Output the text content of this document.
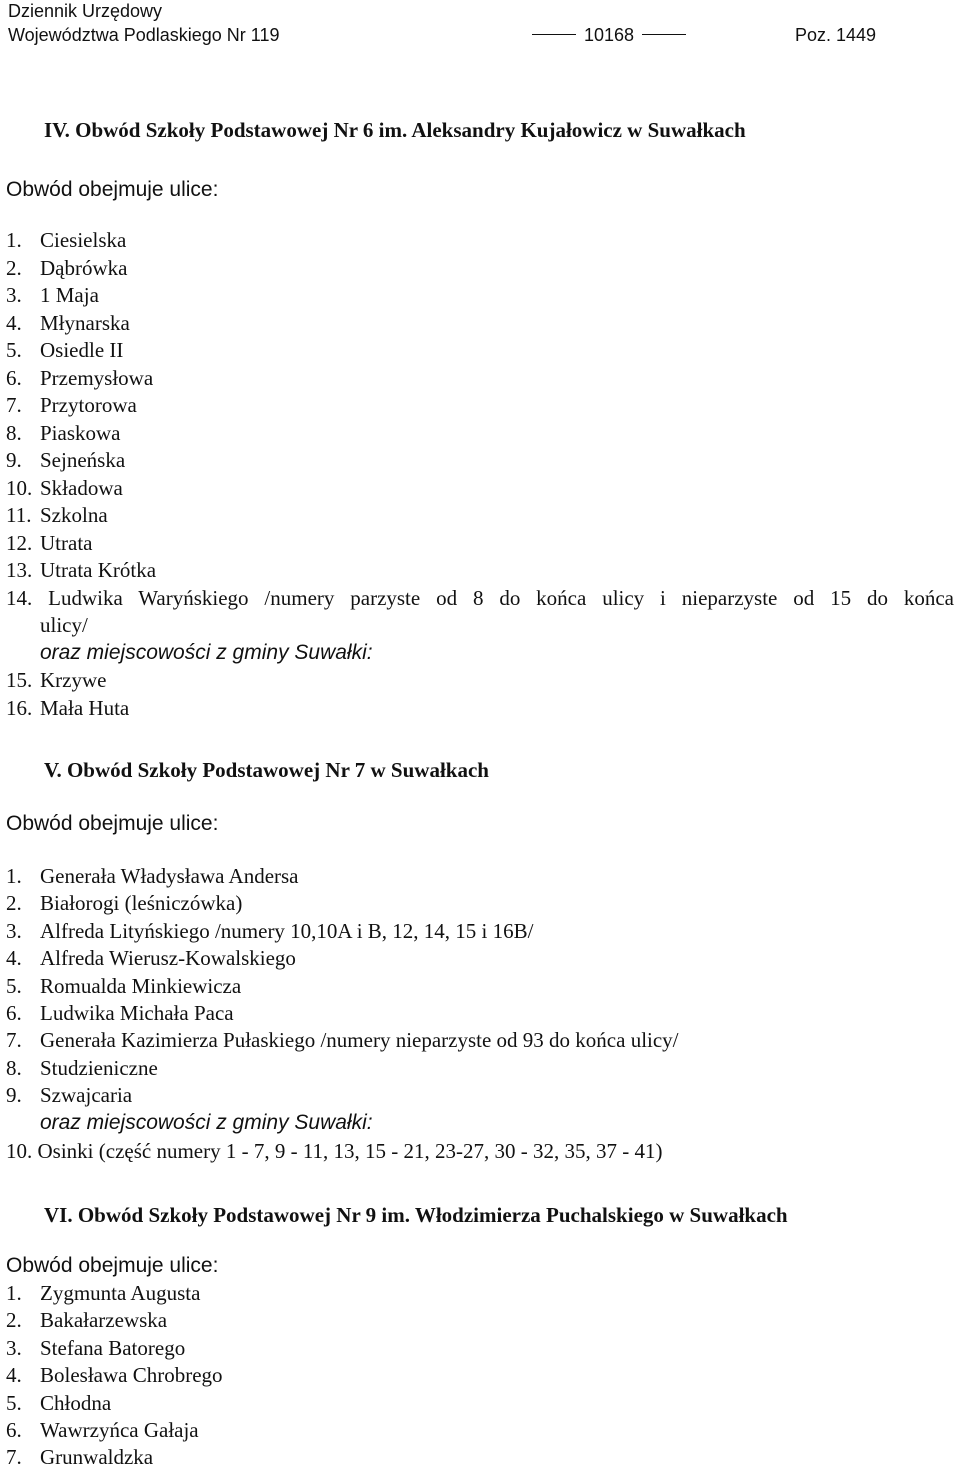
Dziennik Urzędowy
Województwa Podlaskiego Nr 119	10168	Poz. 1449
IV. Obwód Szkoły Podstawowej Nr 6 im. Aleksandry Kujałowicz w Suwałkach
Obwód obejmuje ulice:
1. Ciesielska
2. Dąbrówka
3. 1 Maja
4. Młynarska
5. Osiedle II
6. Przemysłowa
7. Przytorowa
8. Piaskowa
9. Sejneńska
10. Składowa
11. Szkolna
12. Utrata
13. Utrata Krótka
14. Ludwika Waryńskiego /numery parzyste od 8 do końca ulicy i nieparzyste od 15 do końca
ulicy/
oraz miejscowości z gminy Suwałki:
15. Krzywe
16. Mała Huta
V. Obwód Szkoły Podstawowej Nr 7 w Suwałkach
Obwód obejmuje ulice:
1. Generała Władysława Andersa
2. Białorogi (leśniczówka)
3. Alfreda Lityńskiego /numery 10,10A i B, 12, 14, 15 i 16B/
4. Alfreda Wierusz-Kowalskiego
5. Romualda Minkiewicza
6. Ludwika Michała Paca
7. Generała Kazimierza Pułaskiego /numery nieparzyste od 93 do końca ulicy/
8. Studzieniczne
9. Szwajcaria
oraz miejscowości z gminy Suwałki:
10. Osinki (część numery 1 - 7, 9 - 11, 13, 15 - 21, 23-27, 30 - 32, 35, 37 - 41)
VI. Obwód Szkoły Podstawowej Nr 9 im. Włodzimierza Puchalskiego w Suwałkach
Obwód obejmuje ulice:
1. Zygmunta Augusta
2. Bakałarzewska
3. Stefana Batorego
4. Bolesława Chrobrego
5. Chłodna
6. Wawrzyńca Gałaja
7. Grunwaldzka
